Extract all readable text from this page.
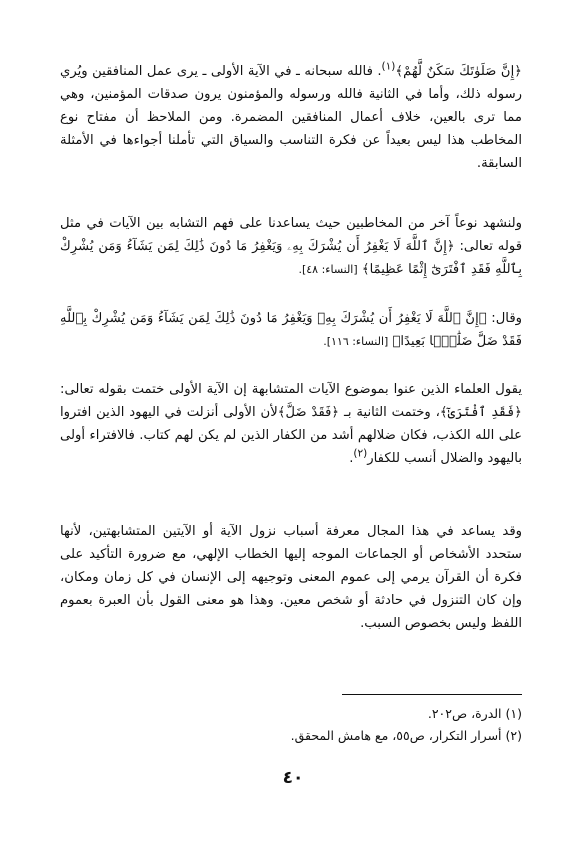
﴿إِنَّ صَلَوٰتَكَ سَكَنٌ لَّهُمْ﴾$^{(١)}$. فالله سبحانه ـ في الآية الأولى ـ يرى عمل المنافقين ويُري رسوله ذلك، وأما في الثانية فالله ورسوله والمؤمنون يرون صدقات المؤمنين، وهي مما ترى بالعين، خلاف أعمال المنافقين المضمرة. ومن الملاحظ أن مفتاح نوع المخاطب هذا ليس بعيداً عن فكرة التناسب والسياق التي تأملنا أجواءها في الأمثلة السابقة.

ولنشهد نوعاً آخر من المخاطبين حيث يساعدنا على فهم التشابه بين الآيات في مثل قوله تعالى: ﴿إِنَّ ٱللَّهَ لَا يَغْفِرُ أَن يُشْرَكَ بِهِۦ وَيَغْفِرُ مَا دُونَ ذَٰلِكَ لِمَن يَشَآءُ وَمَن يُشْرِكْ بِٱللَّهِ فَقَدِ ٱفْتَرَىٰٓ إِثْمًا عَظِيمًا﴾ [النساء: ٤٨].

وقال: ﴿إِنَّ ٱللَّهَ لَا يَغْفِرُ أَن يُشْرَكَ بِهِۦ وَيَغْفِرُ مَا دُونَ ذَٰلِكَ لِمَن يَشَآءُ وَمَن يُشْرِكْ بِٱللَّهِ فَقَدْ ضَلَّ ضَلَٰلًۢا بَعِيدًا﴾ [النساء: ١١٦].

يقول العلماء الذين عنوا بموضوع الآيات المتشابهة إن الآية الأولى ختمت بقوله تعالى: ﴿فَقَدِ ٱفْتَرَىٰٓ﴾، وختمت الثانية بـ ﴿فَقَدْ ضَلَّ﴾لأن الأولى أنزلت في اليهود الذين افتروا على الله الكذب، فكان ضلالهم أشد من الكفار الذين لم يكن لهم كتاب. فالافتراء أولى باليهود والضلال أنسب للكفار$^{(٢)}$.

وقد يساعد في هذا المجال معرفة أسباب نزول الآية أو الآيتين المتشابهتين، لأنها ستحدد الأشخاص أو الجماعات الموجه إليها الخطاب الإلهي، مع ضرورة التأكيد على فكرة أن القرآن يرمي إلى عموم المعنى وتوجيهه إلى الإنسان في كل زمان ومكان، وإن كان التنزول في حادثة أو شخص معين. وهذا هو معنى القول بأن العبرة بعموم اللفظ وليس بخصوص السبب.

(١) الدرة، ص٢٠٢.
(٢) أسرار التكرار، ص٥٥، مع هامش المحقق.
٤٠
